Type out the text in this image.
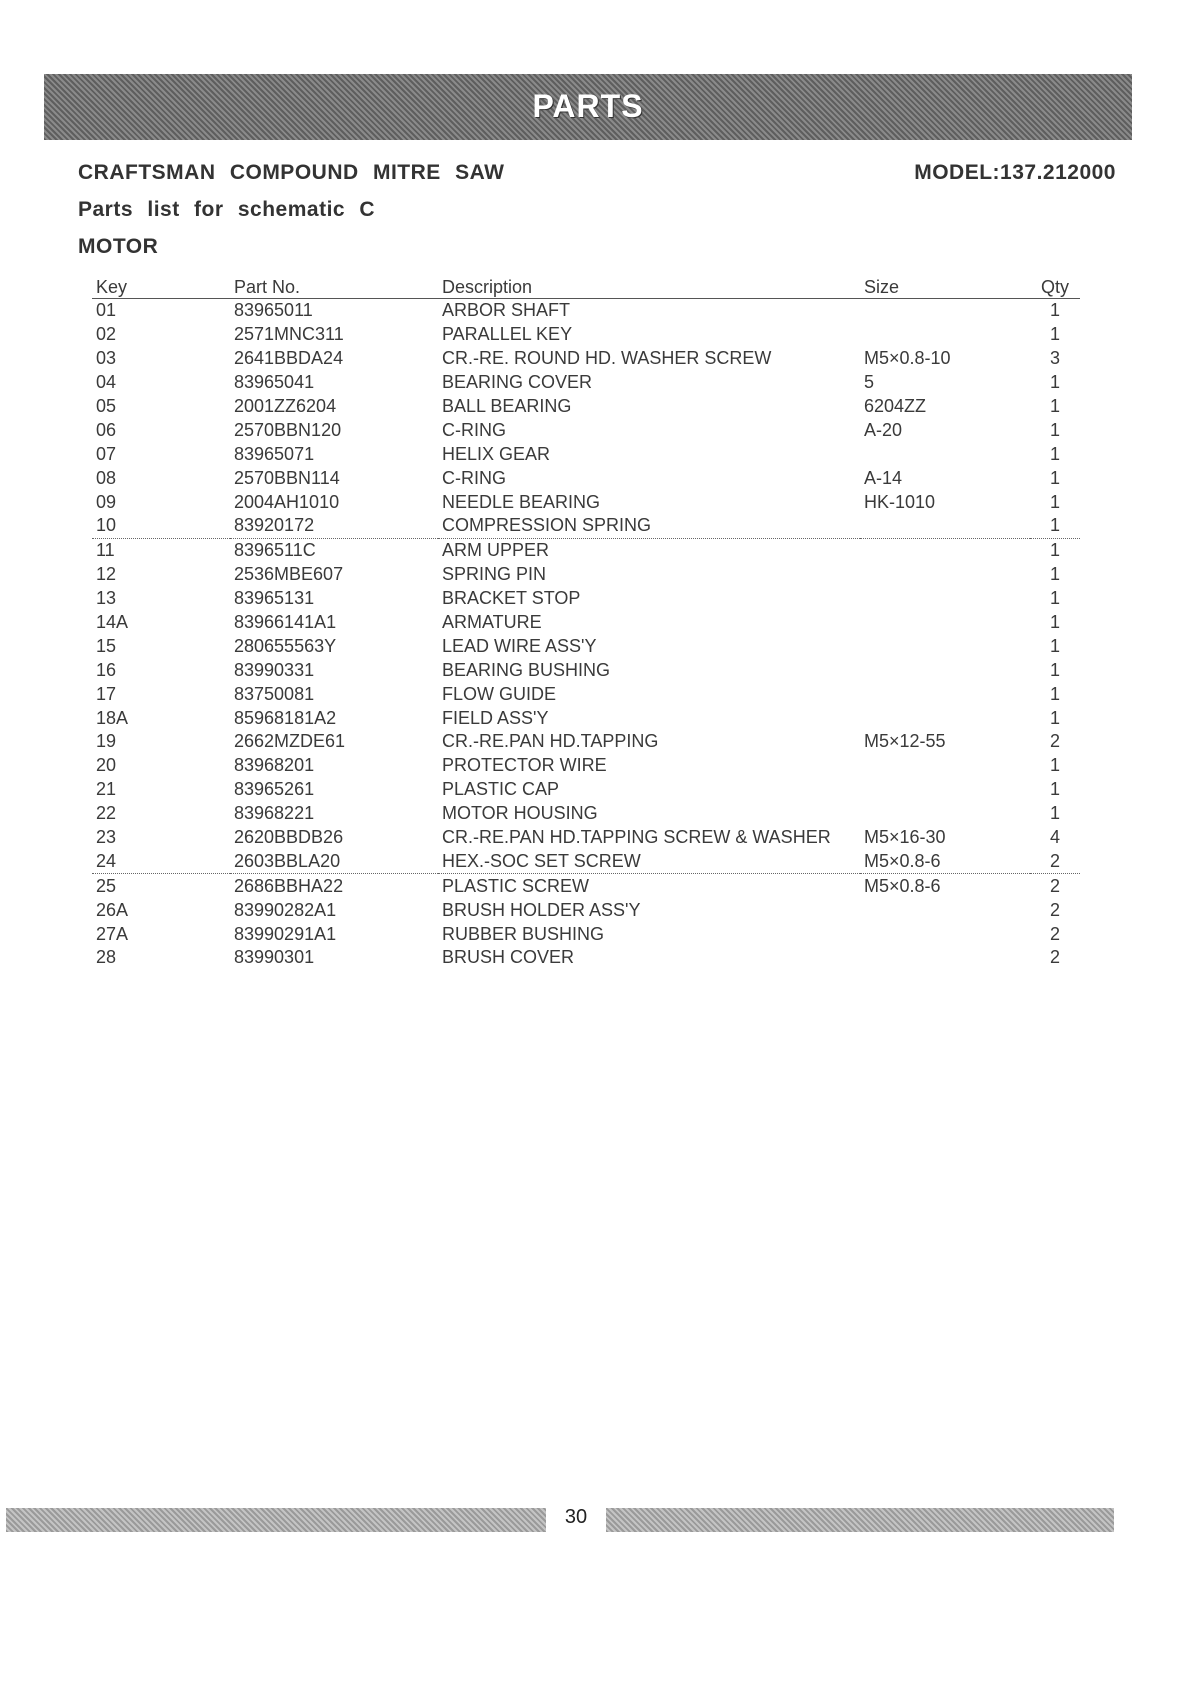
PARTS
CRAFTSMAN COMPOUND MITRE SAW	MODEL:137.212000
Parts list for schematic C
MOTOR
Key	Part No.	Description	Size	Qty
01	83965011	ARBOR SHAFT		1
02	2571MNC311	PARALLEL KEY		1
03	2641BBDA24	CR.-RE. ROUND HD. WASHER SCREW	M5×0.8-10	3
04	83965041	BEARING COVER	5	1
05	2001ZZ6204	BALL BEARING	6204ZZ	1
06	2570BBN120	C-RING	A-20	1
07	83965071	HELIX GEAR		1
08	2570BBN114	C-RING	A-14	1
09	2004AH1010	NEEDLE BEARING	HK-1010	1
10	83920172	COMPRESSION SPRING		1
11	8396511C	ARM UPPER		1
12	2536MBE607	SPRING PIN		1
13	83965131	BRACKET STOP		1
14A	83966141A1	ARMATURE		1
15	280655563Y	LEAD WIRE ASS'Y		1
16	83990331	BEARING BUSHING		1
17	83750081	FLOW GUIDE		1
18A	85968181A2	FIELD ASS'Y		1
19	2662MZDE61	CR.-RE.PAN HD.TAPPING	M5×12-55	2
20	83968201	PROTECTOR WIRE		1
21	83965261	PLASTIC CAP		1
22	83968221	MOTOR HOUSING		1
23	2620BBDB26	CR.-RE.PAN HD.TAPPING SCREW & WASHER	M5×16-30	4
24	2603BBLA20	HEX.-SOC SET SCREW	M5×0.8-6	2
25	2686BBHA22	PLASTIC SCREW	M5×0.8-6	2
26A	83990282A1	BRUSH HOLDER ASS'Y		2
27A	83990291A1	RUBBER BUSHING		2
28	83990301	BRUSH COVER		2
30
